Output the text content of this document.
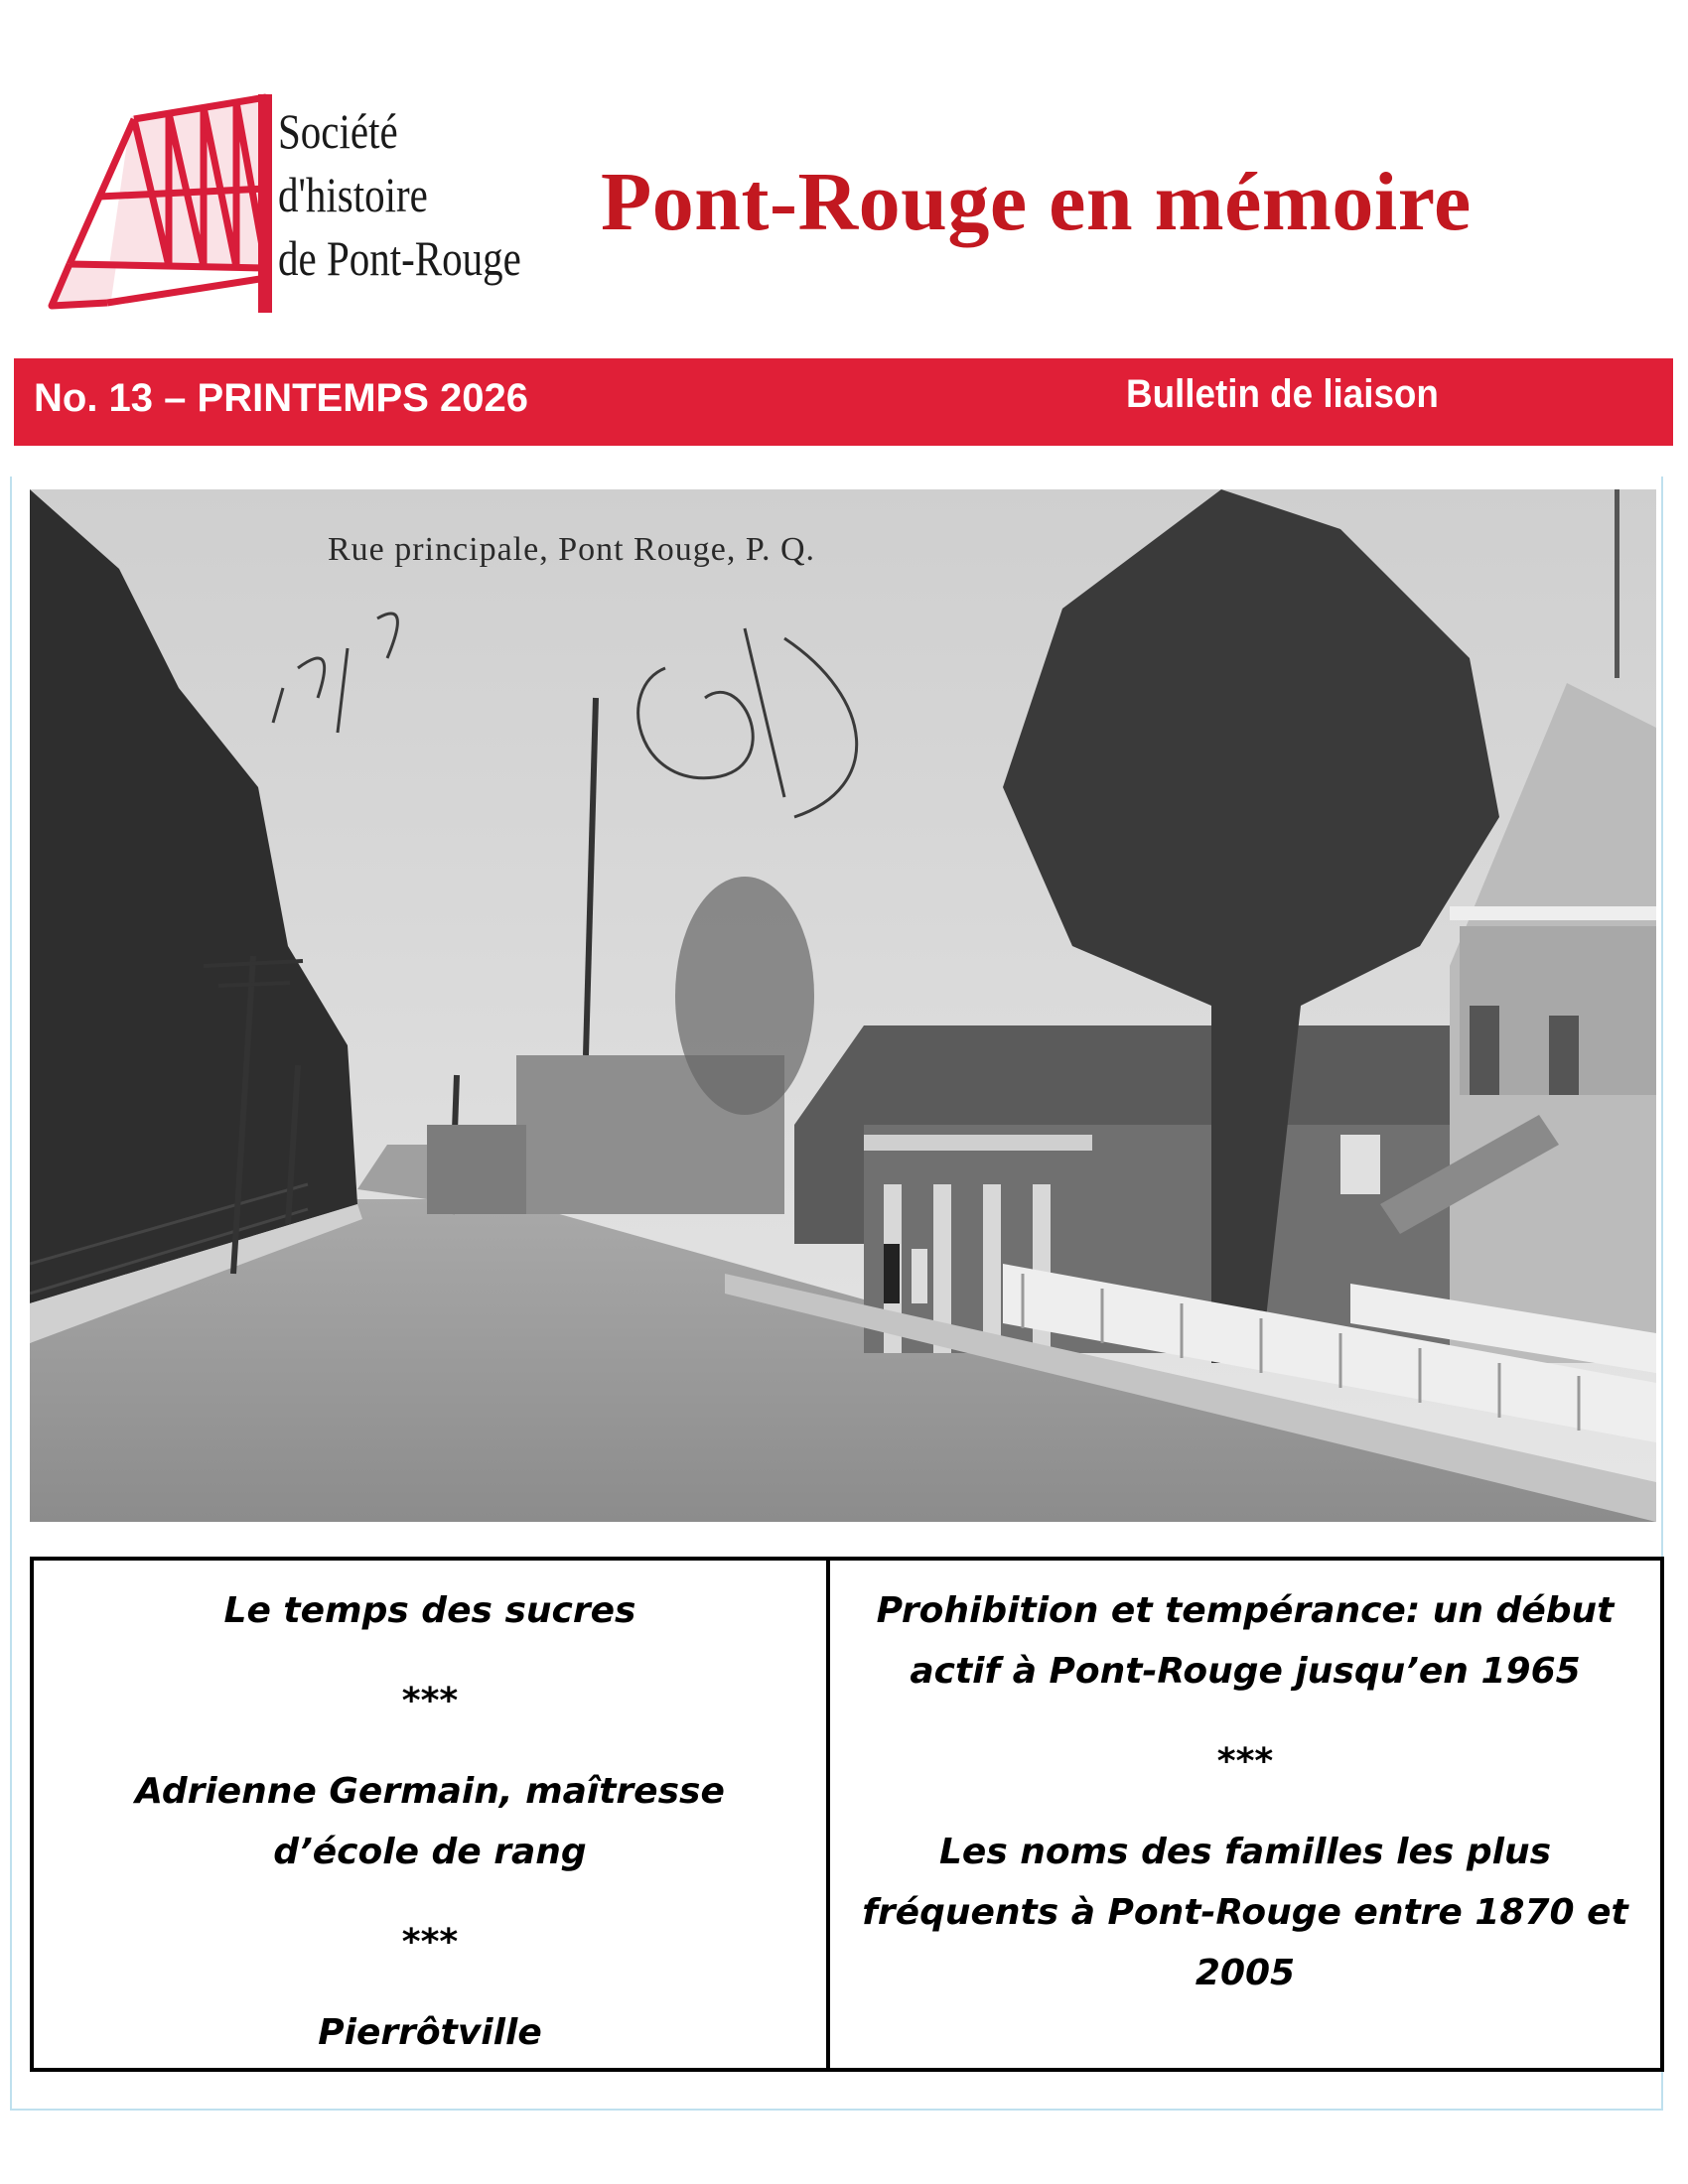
Société
d'histoire
de Pont-Rouge
Pont-Rouge en mémoire
No. 13 – PRINTEMPS 2026	Bulletin de liaison
Rue principale, Pont Rouge, P. Q.

Le temps des sucres

***

Adrienne Germain, maîtresse d’école de rang

***

Pierrôtville

Prohibition et tempérance: un début actif à Pont-Rouge jusqu’en 1965

***

Les noms des familles les plus fréquents à Pont-Rouge entre 1870 et 2005
